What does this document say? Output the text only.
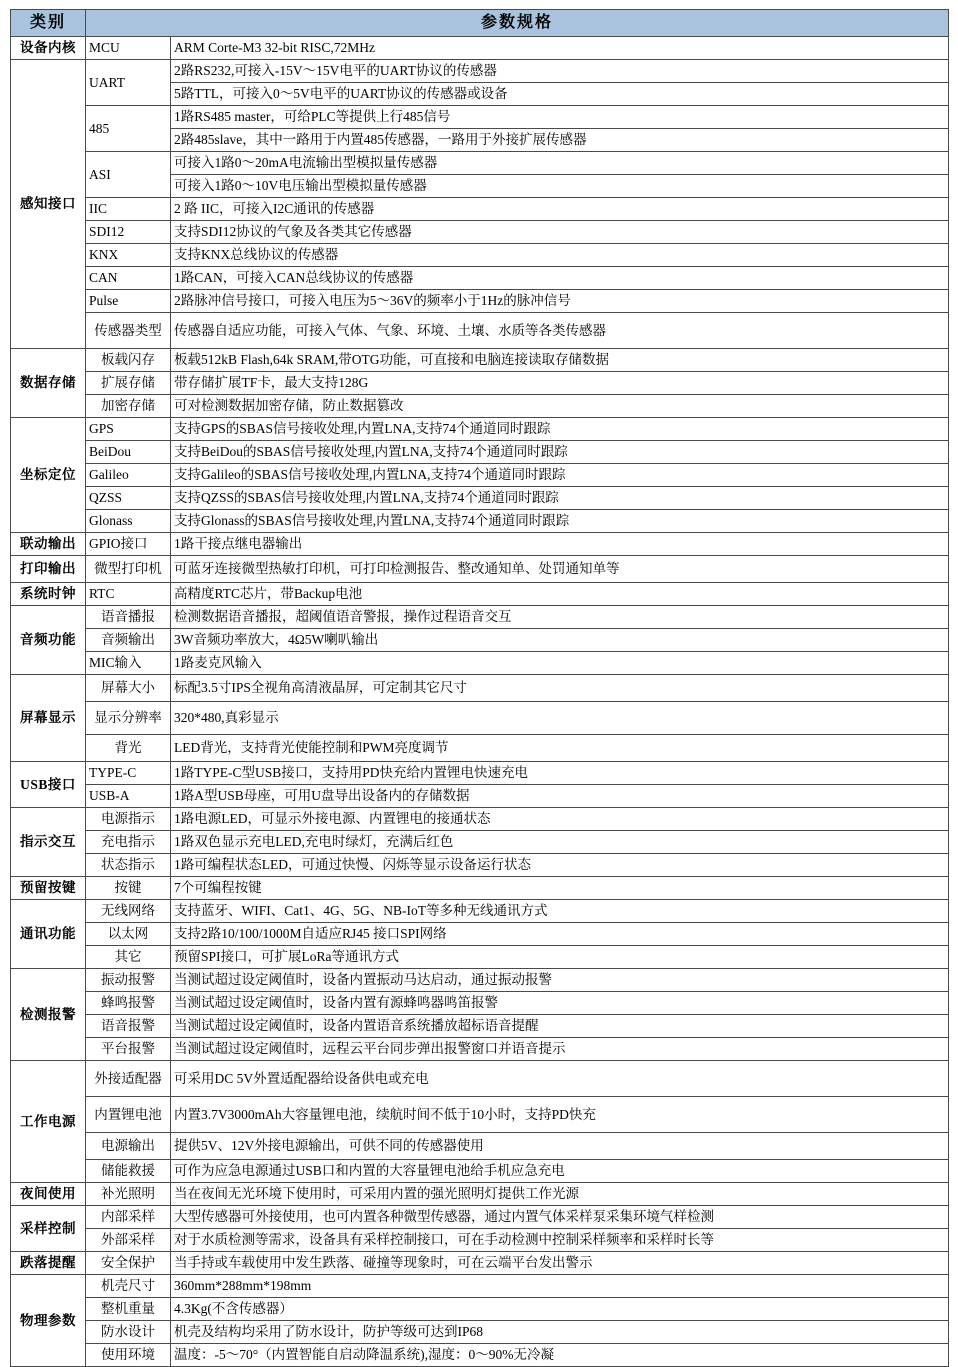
类别	参数规格	
设备内核	MCU	ARM Corte-M3 32-bit RISC,72MHz
感知接口	UART	2路RS232,可接入-15V～15V电平的UART协议的传感器
		5路TTL，可接入0～5V电平的UART协议的传感器或设备
	485	1路RS485 master，可给PLC等提供上行485信号
		2路485slave，其中一路用于内置485传感器，一路用于外接扩展传感器
	ASI	可接入1路0～20mA电流输出型模拟量传感器
		可接入1路0～10V电压输出型模拟量传感器
	IIC	2 路 IIC，可接入I2C通讯的传感器
	SDI12	支持SDI12协议的气象及各类其它传感器
	KNX	支持KNX总线协议的传感器
	CAN	1路CAN，可接入CAN总线协议的传感器
	Pulse	2路脉冲信号接口，可接入电压为5～36V的频率小于1Hz的脉冲信号
	传感器类型	传感器自适应功能，可接入气体、气象、环境、土壤、水质等各类传感器
数据存储	板载闪存	板载512kB Flash,64k SRAM,带OTG功能，可直接和电脑连接读取存储数据
	扩展存储	带存储扩展TF卡，最大支持128G
	加密存储	可对检测数据加密存储，防止数据篡改
坐标定位	GPS	支持GPS的SBAS信号接收处理,内置LNA,支持74个通道同时跟踪
	BeiDou	支持BeiDou的SBAS信号接收处理,内置LNA,支持74个通道同时跟踪
	Galileo	支持Galileo的SBAS信号接收处理,内置LNA,支持74个通道同时跟踪
	QZSS	支持QZSS的SBAS信号接收处理,内置LNA,支持74个通道同时跟踪
	Glonass	支持Glonass的SBAS信号接收处理,内置LNA,支持74个通道同时跟踪
联动输出	GPIO接口	1路干接点继电器输出
打印输出	微型打印机	可蓝牙连接微型热敏打印机，可打印检测报告、整改通知单、处罚通知单等
系统时钟	RTC	高精度RTC芯片，带Backup电池
音频功能	语音播报	检测数据语音播报，超阈值语音警报，操作过程语音交互
	音频输出	3W音频功率放大，4Ω5W喇叭输出
	MIC输入	1路麦克风输入
屏幕显示	屏幕大小	标配3.5寸IPS全视角高清液晶屏，可定制其它尺寸
	显示分辨率	320*480,真彩显示
	背光	LED背光，支持背光使能控制和PWM亮度调节
USB接口	TYPE-C	1路TYPE-C型USB接口，支持用PD快充给内置锂电快速充电
	USB-A	1路A型USB母座，可用U盘导出设备内的存储数据
指示交互	电源指示	1路电源LED，可显示外接电源、内置锂电的接通状态
	充电指示	1路双色显示充电LED,充电时绿灯，充满后红色
	状态指示	1路可编程状态LED，可通过快慢、闪烁等显示设备运行状态
预留按键	按键	7个可编程按键
通讯功能	无线网络	支持蓝牙、WIFI、Cat1、4G、5G、NB-IoT等多种无线通讯方式
	以太网	支持2路10/100/1000M自适应RJ45 接口SPI网络
	其它	预留SPI接口，可扩展LoRa等通讯方式
检测报警	振动报警	当测试超过设定阈值时，设备内置振动马达启动，通过振动报警
	蜂鸣报警	当测试超过设定阈值时，设备内置有源蜂鸣器鸣笛报警
	语音报警	当测试超过设定阈值时，设备内置语音系统播放超标语音提醒
	平台报警	当测试超过设定阈值时，远程云平台同步弹出报警窗口并语音提示
工作电源	外接适配器	可采用DC 5V外置适配器给设备供电或充电
	内置锂电池	内置3.7V3000mAh大容量锂电池，续航时间不低于10小时，支持PD快充
	电源输出	提供5V、12V外接电源输出，可供不同的传感器使用
	储能救援	可作为应急电源通过USB口和内置的大容量锂电池给手机应急充电
夜间使用	补光照明	当在夜间无光环境下使用时，可采用内置的强光照明灯提供工作光源
采样控制	内部采样	大型传感器可外接使用，也可内置各种微型传感器，通过内置气体采样泵采集环境气样检测
	外部采样	对于水质检测等需求，设备具有采样控制接口，可在手动检测中控制采样频率和采样时长等
跌落提醒	安全保护	当手持或车载使用中发生跌落、碰撞等现象时，可在云端平台发出警示
物理参数	机壳尺寸	360mm*288mm*198mm
	整机重量	4.3Kg(不含传感器）
	防水设计	机壳及结构均采用了防水设计，防护等级可达到IP68
	使用环境	温度：-5～70°（内置智能自启动降温系统),湿度：0～90%无冷凝
